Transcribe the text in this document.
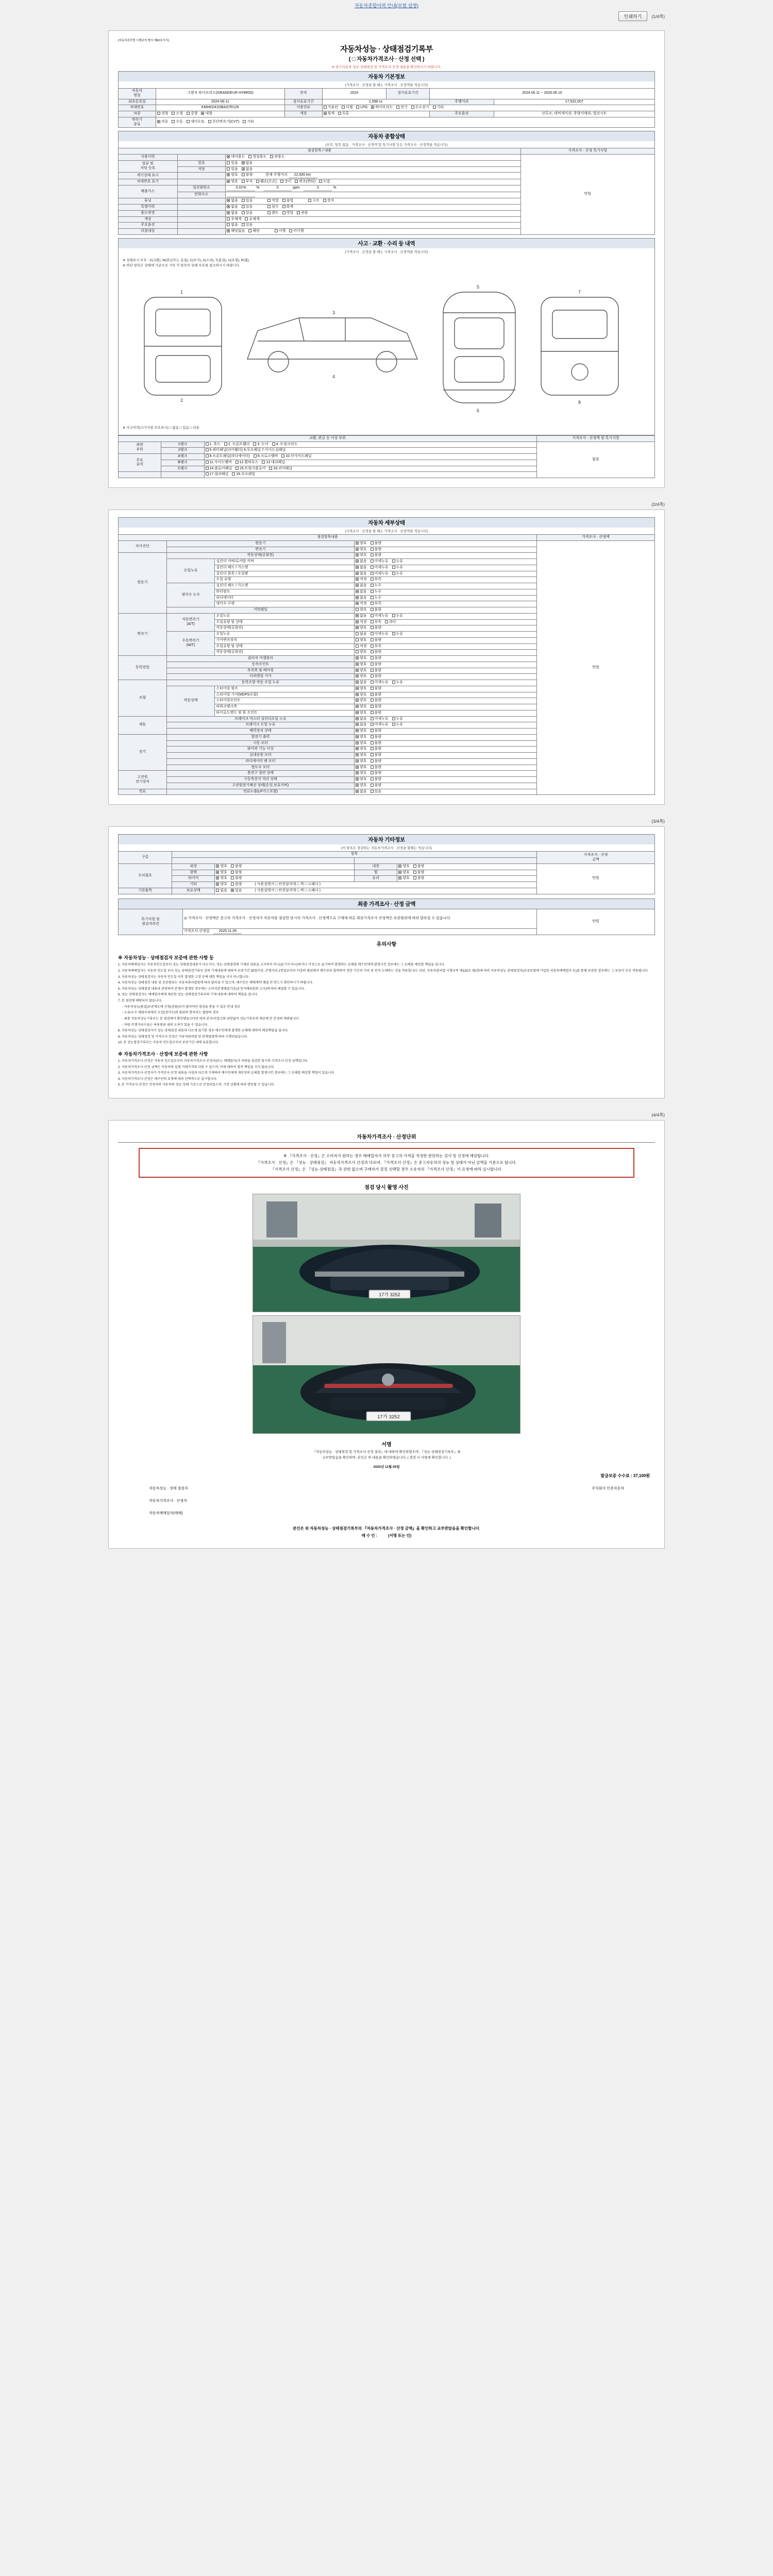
자동차종합이력 안내(보험 설명)
인쇄하기	(1/4쪽)
[자동차관리법 시행규칙 별지 제82호서식]
자동차성능 · 상태점검기록부
( □ 자동차가격조사 · 산정 선택 )
※ 중고자동차 성능·상태점검 및 가격조사·산정 내용을 확인하시기 바랍니다.
자동차 기본정보
(가격조사 · 산정을 할 때는 가격조사 · 산정액을 적습니다)
자동차
명칭	그랜저 하이브리드(GRANDEUR HYBRID)	연식	2024	검사유효기간	2024.06.11 ~ 2026.06.10	
최초등록일	2024-06-11	검사유효기간	1,598 cc		주행거리	17,532,007
차대번호	KMHKD41DBAS7R126	사용연료	가솔린 디젤 LPG 하이브리드 전기 수소전기 기타			
차종	경형 소형 중형 대형	색상	원색 투톤		주요옵션	선루프, 네비게이션, 후방카메라, 열선시트
변속기
종류	자동 수동 세미오토 무단변속기(CVT) 기타					
자동차 종합상태
(부호: 양호 없음 · 가격조사 · 산정액 및 특기사항 등은 가격조사 · 산정액을 적습니다)
점검항목 / 내용			가격조사 · 산정 특기사항
사용이력		대여용도 영업용도 관용도	만원
압류 및
저당 등록	압류	있음 없음	
	저당	있음 없음	
계기상태 표시		양호 불량 현재 주행거리 22,600 km	
차대번호 표기		양호 부식 훼손(오손) 상이 변조(변타) 도말	
배출가스	일산화탄소	0.01% % 0 ppm 0 %	
	탄화수소		
튜닝		없음 있음 적법 불법 구조 장치	
특별이력		없음 있음 침수 화재	
용도변경		없음 있음 렌트 영업 관용	
색상		무채색 유채색	
주요옵션		없음 있음	
리콜대상		해당없음 해당 이행 미이행	
사고 · 교환 · 수리 등 내역
(가격조사 · 산정을 할 때는 가격조사 · 산정액을 적습니다)
※ 상태표시 부호 : X(교환), W(판금또는 용접), C(부식), A(수리), T(흠집), U(요철), R(휨)
※ 하단 항목은 상태에 기준으로 기타 각 항목의 상태 부호를 참조하시기 바랍니다.
1
2
3
4
5
6
7
8
※ 사고이력(크기사항 부호표시) □ 없음 □ 있음 □ 단순
교환, 판금 등 이상 부위			가격조사 · 산정액 및 특기사항
외판
부위	1랭크	1. 후드 2. 프론트휀더 3. 도어 4. 트렁크리드	없음
	2랭크	5.쿼터패널(리어휀더) 6.루프패널 7.사이드실패널	
주요
골격	A랭크	8.프론트패널(라디에이터) 9.크로스멤버 10.인사이드패널	
	B랭크	11.사이드멤버 12.휠하우스 13.대쉬패널	
	C랭크	14.플로어패널 15.트렁크플로어 16.리어패널	
		17.필러패널 18.루프레일	
(2/4쪽)
자동차 세부상태
(가격조사 · 산정을 할 때는 가격조사 · 산정액을 적습니다)
점검항목내용				가격조사 · 산정액
자가진단	원동기		양호 불량	만원
	변속기		양호 불량	
원동기	작동상태(공회전)		양호 불량	
	오일누유	실린더 커버/로커암 커버	없음 미세누유 누유	
		실린더 헤드 / 가스켓	없음 미세누유 누유	
		실린더 블록 / 오일팬	없음 미세누유 누유	
		오일 유량	적정 부족	
	냉각수 누수	실린더 헤드 / 가스켓	없음 누수	
		워터펌프	없음 누수	
		라디에이터	없음 누수	
		냉각수 수량	적정 부족	
	커먼레일		양호 불량	
변속기	자동변속기
(A/T)	오일누유	없음 미세누유 누유	
		오일유량 및 상태	적정 부족 과다	
		작동상태(공회전)	양호 불량	
	수동변속기
(M/T)	오일누유	없음 미세누유 누유	
		기어변속장치	양호 불량	
		오일유량 및 상태	적정 부족	
		작동상태(공회전)	양호 불량	
동력전달	클러치 어셈블리		양호 불량	
	등속조인트		양호 불량	
	추진축 및 베어링		양호 불량	
	디퍼렌셜 기어		양호 불량	
조향	동력조향 작동 오일 누유		없음 미세누유 누유	
	작동상태	스티어링 펌프	양호 불량	
		스티어링 기어(MDPS포함)	양호 불량	
		스티어링조인트	양호 불량	
		파워크랭크축	양호 불량	
		타이로드엔드 및 볼 조인트	양호 불량	
제동	브레이크 마스터 실린더오일 누유		없음 미세누유 누유	
	브레이크 오일 누유		없음 미세누유 누유	
	배력장치 상태		양호 불량	
전기	발전기 출력		양호 불량	
	시동 모터		양호 불량	
	와이퍼 기능 이상		양호 불량	
	실내송풍 모터		양호 불량	
	라디에이터 팬 모터		양호 불량	
	윈도우 모터		양호 불량	
고전원
전기장치	충전구 절연 상태		양호 불량	
	구동축전지 격리 상태		양호 불량	
	고전원전기배선 상태(손상,보호커버)		양호 불량	
연료	연료누출(LP가스포함)		없음 있음	
(3/4쪽)
자동차 기타정보
(이 항목은 점검하는 자동차가격조사 · 산정을 할때는 적습니다)
구분	항목				가격조사 · 산정
금액

수리필요	외장	양호 불량	내장	양호 불량	만원
	광택	양호 불량	휠	양호 불량	
	타이어	양호 불량	유리	양호 불량	
	기타	양호 불량 ( 사용설명서 □ 안전삼각대 □ 잭 □ 스패너 )			
기본품목	보유상태	없음 있음 ( 사용설명서 □ 안전삼각대 □ 잭 □ 스패너 )			
최종 가격조사 · 산정 금액
특기사항 및
점검자의견	◎ 가격조사 · 산정액은 중고차 가격조사 · 산정자가 자동차를 점검한 당시의 가격조사 · 산정액으로 구매에 따른 최종가격조사·산정액은 보증범위에 따라 달라질 수 있습니다.	만원
가격조사·산정일	2025.11.05
유의사항
※ 자동차성능 · 상태점검자 보증에 관한 사항 등

1. 자동차매매업자는 자동차인도일부터 성능·상태점검내용가 다르거나, 성능·상태점검에 기재된 내용을 고지하지 아니(표기지 아니)하거나 거짓으로 표기하여 발생하는 손해를 매수인에게 발생시킨 경우에는 그 손해를 배상할 책임을 집니다.

2. 자동차매매업자는 자동차 인도일 부터 성능·상태점검기록부 상의 기재내용에 대하여 보증기간 30일이상, 주행거리 2천킬로미터 이상의 범위에서 매수인과 합의하여 정한 기간과 거리 중 먼저 도래하는 것을 적용합니다. 다만, 자동차관리법 시행규칙 제120조 제1항에 따라 자동차성능·상태점검자(보증보험에 가입한 자동차매매업자 등)를 통해 보증한 경우에는 그 보증이 우선 적용됩니다.

3. 자동차성능·상태점검자는 자동차 인도일 이후 발생한 고장 등에 대한 책임을 지지 아니합니다.

4. 자동차성능·상태점검 내용 및 보증범위는 자동차관리법령에 따라 달라질 수 있으며, 매수인은 매매계약 체결 전 반드시 확인하시기 바랍니다.

5. 자동차성능·상태점검 내용과 관련하여 분쟁이 발생한 경우에는 소비자분쟁해결기준(공정거래위원회 고시)에 따라 해결할 수 있습니다.

6. 성능·상태점검자는 매매업자에게 제공한 성능·상태점검기록부의 기재 내용에 대하여 책임을 집니다.

7. 본 점검에 해당되지 않습니다.

- 자동차성능(품질)보증제도에 신청(상담)되지 않아야만 점검을 받을 수 있음 안내 정보

- 누유/누수 해당부위에서 오일(냉각수)의 범위의 방치되는 불량의 경우

- 최종 자동차성능기록부는 본 점검에서 확인했습니다만 따라 본사/사업소와 관련없이 성능기록부의 제공에 만 산정의 제외됨니다

- 차량 주행거리수표는 허용범위 내의 오차가 있을 수 있습니다.

8. 자동차성능·상태점검자가 성능·상태점검 내용과 다르게 표기한 경우 매수인에게 발생한 손해에 대하여 배상책임을 집니다.

9. 자동차성능·상태점검 및 가격조사·산정은 자동차관리법 및 관계법령에 따라 수행되었습니다.

10. 본 성능점검기록부는 자동차 인도일로부터 보증기간 내에 유효합니다.

※ 자동차가격조사 · 산정에 보증에 관한 사항

1. 자동차가격조사·산정은 자동차 인도일로부터 자동차가격조사·산정자(또는 매매업자)가 차량을 점검한 당시의 가격조사·산정 금액입니다.

2. 자동차가격조사·산정 금액은 자동차의 실제 거래가격과 다를 수 있으며, 이에 대하여 법적 책임을 지지 않습니다.

3. 자동차가격조사·산정자가 가격조사·산정 내용을 사실과 다르게 기재하여 매수인에게 재산상의 손해를 발생시킨 경우에는 그 손해를 배상할 책임이 있습니다.

4. 자동차가격조사·산정은 매수인의 요청에 따라 선택적으로 실시합니다.

5. 본 가격조사·산정은 산정자의 자동차의 성능·상태 기준으로 산정되었으며, 시장 상황에 따라 변동될 수 있습니다.

(4/4쪽)
자동차가격조사 · 산정단위
※ 『가격조사 · 산정』은 소비자가 원하는 경우 매매업자가 의무 중고차 가격을 적정한 판단하는 검사 및 선정에 해당합니다.
『가격조사 · 산정』은 『성능 · 상태점검』 자동차가격조사·산정과 다르며, 『가격조사·산정』은 중고자동차의 성능 및 상태가 아닌 금액을 기준으로 합니다.
『가격조사·산정』은 『성능·상태점검』과 관련 없으며 구매자가 결정·선택할 경우 소유자의 『가격조사·산정』이 요청에 따라 실시합니다.
점검 당시 촬영 사진
17가 3252
17가 3252
서명
『자동차성능 · 상태점검 및 가격조사·산정 결과』에 대하여 확인하였으며, 『성능·상태점검기록부』를
교부받았음을 확인하며, 본인은 위 내용을 확인하였습니다. ( 점검 시 사항에 확인합니다. )
2025년 11월 05일
발급보증 수수료 : 37,100원
자동차성능 · 상태 점검자	주식회사 인증자동차
자동차가격조사 · 산정자
자동차매매업자(매매)
본인은 위 자동차성능 · 상태점검기록부의 『자동차가격조사 · 산정 금액』을 확인하고 교부받았음을 확인합니다.
매 수 인 :	(서명 또는 인)
